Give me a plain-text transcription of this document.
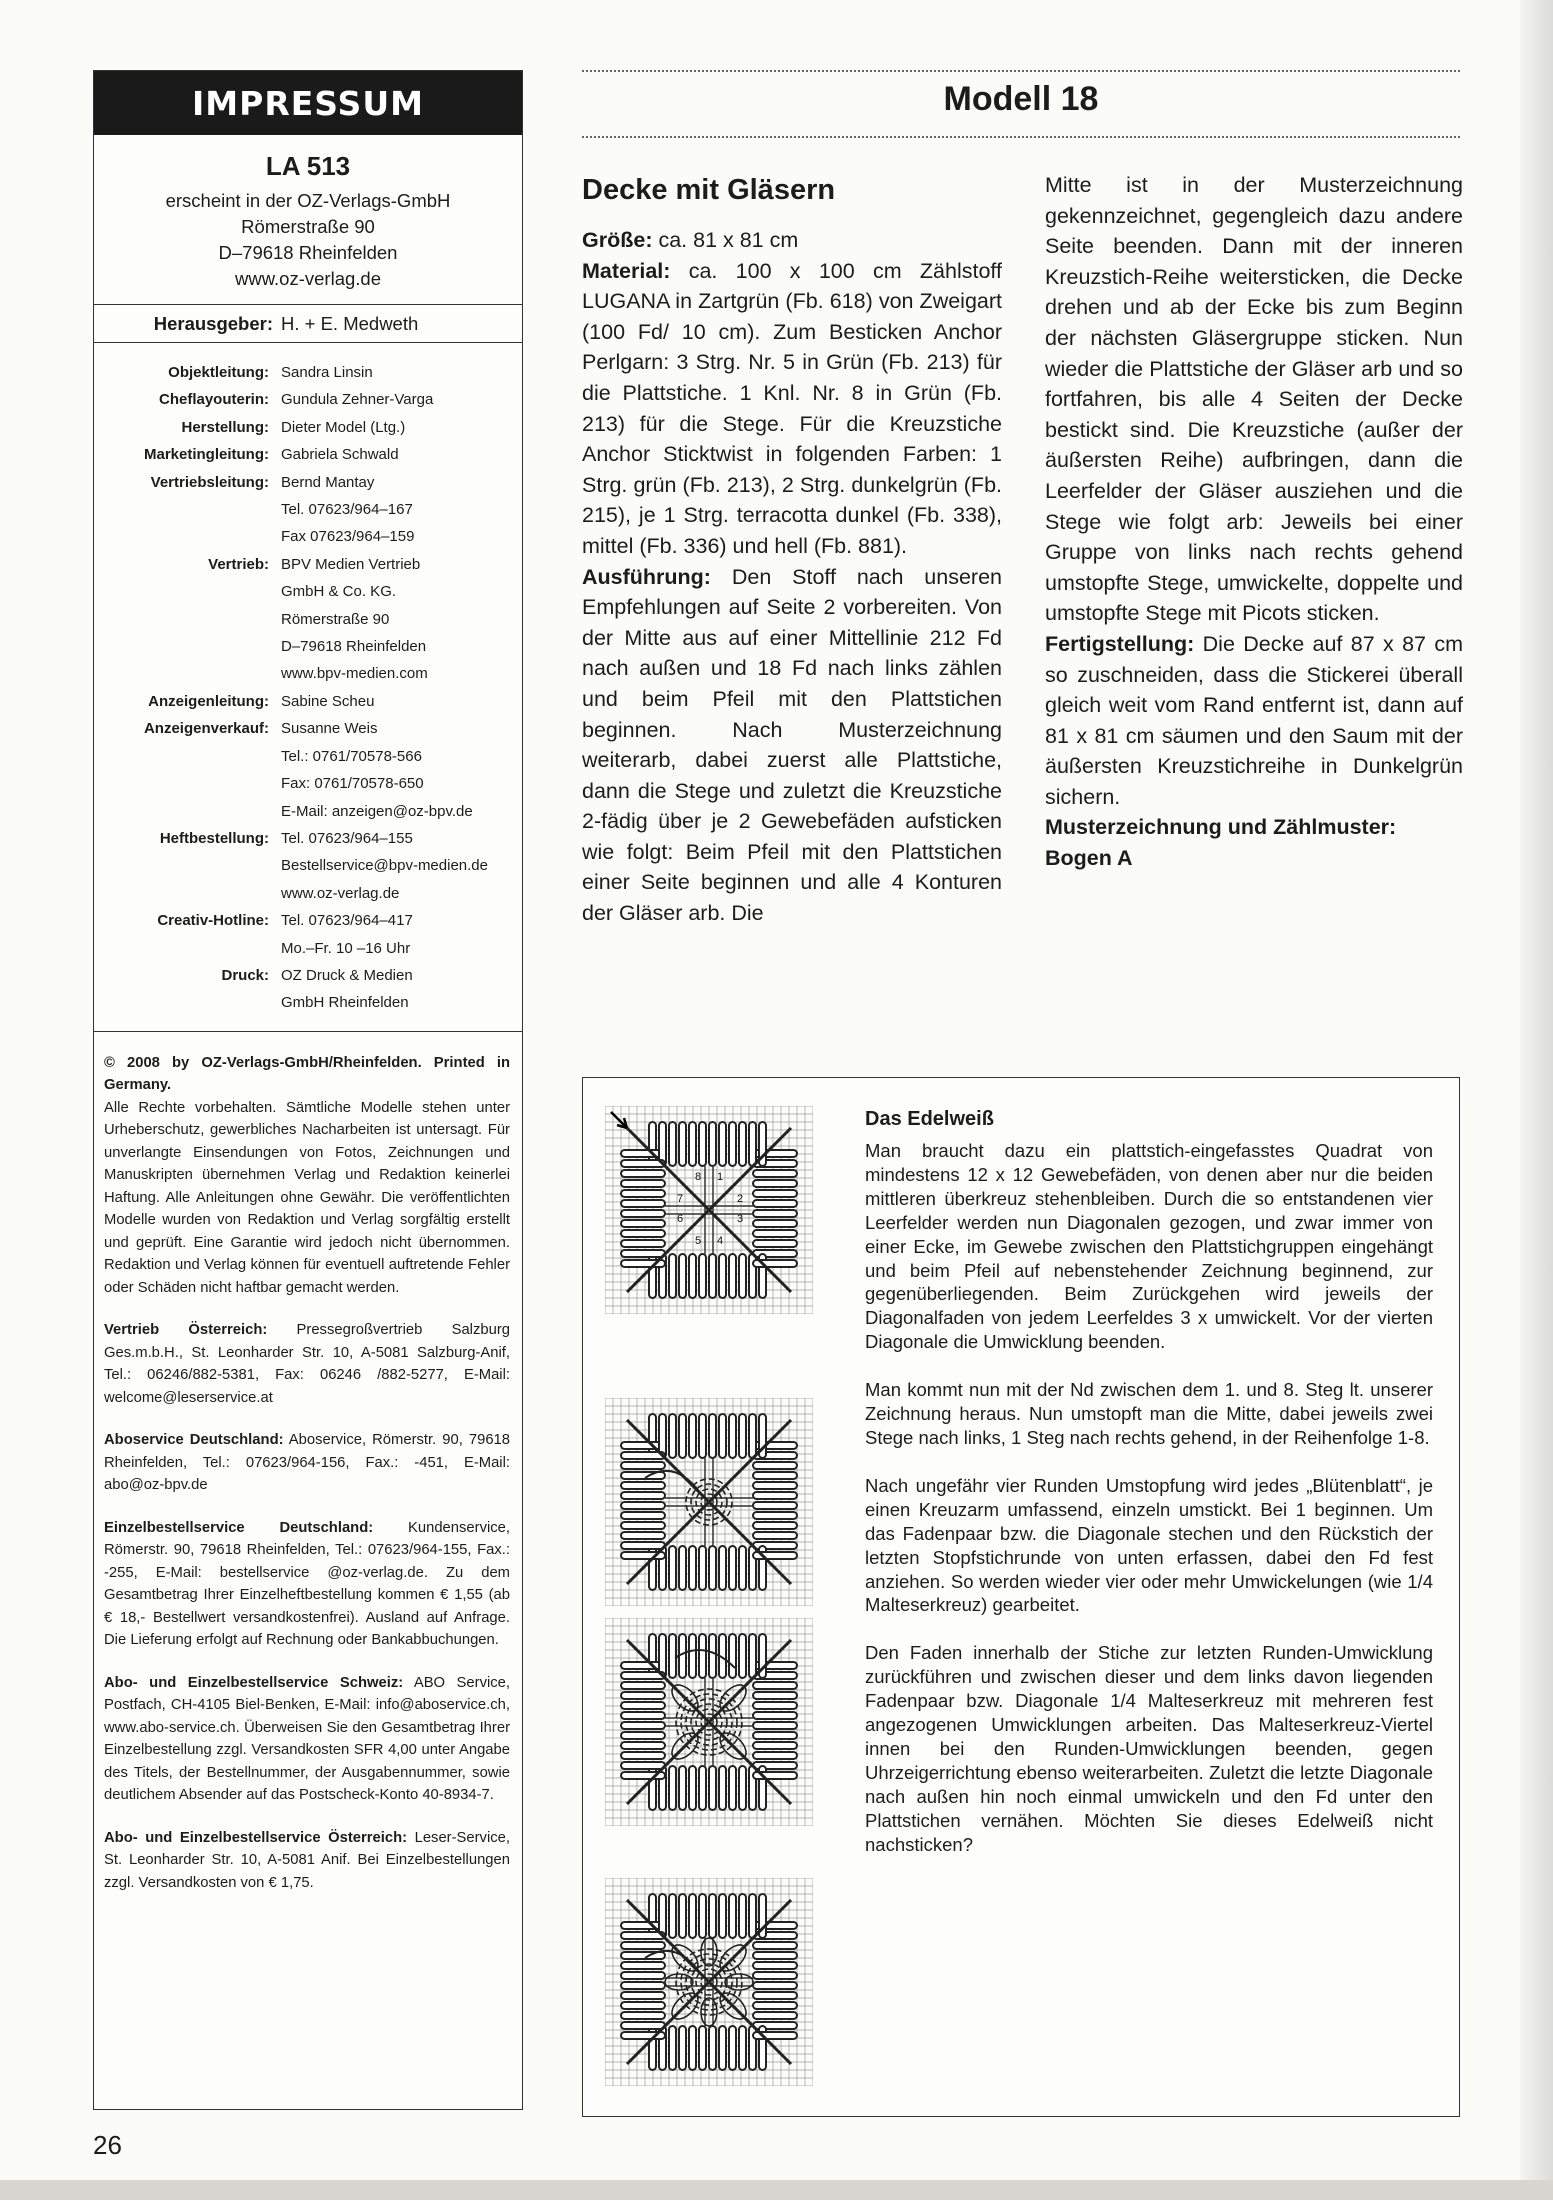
IMPRESSUM
LA 513
erscheint in der OZ-Verlags-GmbH
Römerstraße 90
D–79618 Rheinfelden
www.oz-verlag.de
Herausgeber: H. + E. Medweth
Objektleitung: Sandra Linsin
Cheflayouterin: Gundula Zehner-Varga
Herstellung: Dieter Model (Ltg.)
Marketingleitung: Gabriela Schwald
Vertriebsleitung: Bernd Mantay
Tel. 07623/964–167
Fax 07623/964–159
Vertrieb: BPV Medien Vertrieb
GmbH & Co. KG.
Römerstraße 90
D–79618 Rheinfelden
www.bpv-medien.com
Anzeigenleitung: Sabine Scheu
Anzeigenverkauf: Susanne Weis
Tel.: 0761/70578-566
Fax: 0761/70578-650
E-Mail: anzeigen@oz-bpv.de
Heftbestellung: Tel. 07623/964–155
Bestellservice@bpv-medien.de
www.oz-verlag.de
Creativ-Hotline: Tel. 07623/964–417
Mo.–Fr. 10 –16 Uhr
Druck: OZ Druck & Medien
GmbH Rheinfelden
© 2008 by OZ-Verlags-GmbH/Rheinfelden. Printed in Germany.
Alle Rechte vorbehalten. Sämtliche Modelle stehen unter Urheberschutz, gewerbliches Nacharbeiten ist untersagt. Für unverlangte Einsendungen von Fotos, Zeichnungen und Manuskripten übernehmen Verlag und Redaktion keinerlei Haftung. Alle Anleitungen ohne Gewähr. Die veröffentlichten Modelle wurden von Redaktion und Verlag sorgfältig erstellt und geprüft. Eine Garantie wird jedoch nicht übernommen. Redaktion und Verlag können für eventuell auftretende Fehler oder Schäden nicht haftbar gemacht werden.
Vertrieb Österreich: Pressegroßvertrieb Salzburg Ges.m.b.H., St. Leonharder Str. 10, A-5081 Salzburg-Anif, Tel.: 06246/882-5381, Fax: 06246 /882-5277, E-Mail: welcome@leserservice.at
Aboservice Deutschland: Aboservice, Römerstr. 90, 79618 Rheinfelden, Tel.: 07623/964-156, Fax.: -451, E-Mail: abo@oz-bpv.de
Einzelbestellservice Deutschland: Kundenservice, Römerstr. 90, 79618 Rheinfelden, Tel.: 07623/964-155, Fax.: -255, E-Mail: bestellservice @oz-verlag.de. Zu dem Gesamtbetrag Ihrer Einzelheftbestellung kommen € 1,55 (ab € 18,- Bestellwert versandkostenfrei). Ausland auf Anfrage. Die Lieferung erfolgt auf Rechnung oder Bankabbuchungen.
Abo- und Einzelbestellservice Schweiz: ABO Service, Postfach, CH-4105 Biel-Benken, E-Mail: info@aboservice.ch, www.abo-service.ch. Überweisen Sie den Gesamtbetrag Ihrer Einzelbestellung zzgl. Versandkosten SFR 4,00 unter Angabe des Titels, der Bestellnummer, der Ausgabennummer, sowie deutlichem Absender auf das Postscheck-Konto 40-8934-7.
Abo- und Einzelbestellservice Österreich: Leser-Service, St. Leonharder Str. 10, A-5081 Anif. Bei Einzelbestellungen zzgl. Versandkosten von € 1,75.
Modell 18
Decke mit Gläsern
Größe: ca. 81 x 81 cm
Material: ca. 100 x 100 cm Zählstoff LUGANA in Zartgrün (Fb. 618) von Zweigart (100 Fd/ 10 cm). Zum Besticken Anchor Perlgarn: 3 Strg. Nr. 5 in Grün (Fb. 213) für die Plattstiche. 1 Knl. Nr. 8 in Grün (Fb. 213) für die Stege. Für die Kreuzstiche Anchor Sticktwist in folgenden Farben: 1 Strg. grün (Fb. 213), 2 Strg. dunkelgrün (Fb. 215), je 1 Strg. terracotta dunkel (Fb. 338), mittel (Fb. 336) und hell (Fb. 881).
Ausführung: Den Stoff nach unseren Empfehlungen auf Seite 2 vorbereiten. Von der Mitte aus auf einer Mittellinie 212 Fd nach außen und 18 Fd nach links zählen und beim Pfeil mit den Plattstichen beginnen. Nach Musterzeichnung weiterarb, dabei zuerst alle Plattstiche, dann die Stege und zuletzt die Kreuzstiche 2-fädig über je 2 Gewebefäden aufsticken wie folgt: Beim Pfeil mit den Plattstichen einer Seite beginnen und alle 4 Konturen der Gläser arb. Die
Mitte ist in der Musterzeichnung gekennzeichnet, gegengleich dazu andere Seite beenden. Dann mit der inneren Kreuzstich-Reihe weitersticken, die Decke drehen und ab der Ecke bis zum Beginn der nächsten Gläsergruppe sticken. Nun wieder die Plattstiche der Gläser arb und so fortfahren, bis alle 4 Seiten der Decke bestickt sind. Die Kreuzstiche (außer der äußersten Reihe) aufbringen, dann die Leerfelder der Gläser ausziehen und die Stege wie folgt arb: Jeweils bei einer Gruppe von links nach rechts gehend umstopfte Stege, umwickelte, doppelte und umstopfte Stege mit Picots sticken.
Fertigstellung: Die Decke auf 87 x 87 cm so zuschneiden, dass die Stickerei überall gleich weit vom Rand entfernt ist, dann auf 81 x 81 cm säumen und den Saum mit der äußersten Kreuzstichreihe in Dunkelgrün sichern.
Musterzeichnung und Zählmuster:
Bogen A
1
2
3
4
5
6
7
8
Das Edelweiß
Man braucht dazu ein plattstich-eingefasstes Quadrat von mindestens 12 x 12 Gewebefäden, von denen aber nur die beiden mittleren überkreuz stehenbleiben. Durch die so entstandenen vier Leerfelder werden nun Diagonalen gezogen, und zwar immer von einer Ecke, im Gewebe zwischen den Plattstichgruppen eingehängt und beim Pfeil auf nebenstehender Zeichnung beginnend, zur gegenüberliegenden. Beim Zurückgehen wird jeweils der Diagonalfaden von jedem Leerfeldes 3 x umwickelt. Vor der vierten Diagonale die Umwicklung beenden.
Man kommt nun mit der Nd zwischen dem 1. und 8. Steg lt. unserer Zeichnung heraus. Nun umstopft man die Mitte, dabei jeweils zwei Stege nach links, 1 Steg nach rechts gehend, in der Reihenfolge 1-8.
Nach ungefähr vier Runden Umstopfung wird jedes „Blütenblatt“, je einen Kreuzarm umfassend, einzeln umstickt. Bei 1 beginnen. Um das Fadenpaar bzw. die Diagonale stechen und den Rückstich der letzten Stopfstichrunde von unten erfassen, dabei den Fd fest anziehen. So werden wieder vier oder mehr Umwickelungen (wie 1/4 Malteserkreuz) gearbeitet.
Den Faden innerhalb der Stiche zur letzten Runden-Umwicklung zurückführen und zwischen dieser und dem links davon liegenden Fadenpaar bzw. Diagonale 1/4 Malteserkreuz mit mehreren fest angezogenen Umwicklungen arbeiten. Das Malteserkreuz-Viertel innen bei den Runden-Umwicklungen beenden, gegen Uhrzeigerrichtung ebenso weiterarbeiten. Zuletzt die letzte Diagonale nach außen hin noch einmal umwickeln und den Fd unter den Plattstichen vernähen. Möchten Sie dieses Edelweiß nicht nachsticken?
26
